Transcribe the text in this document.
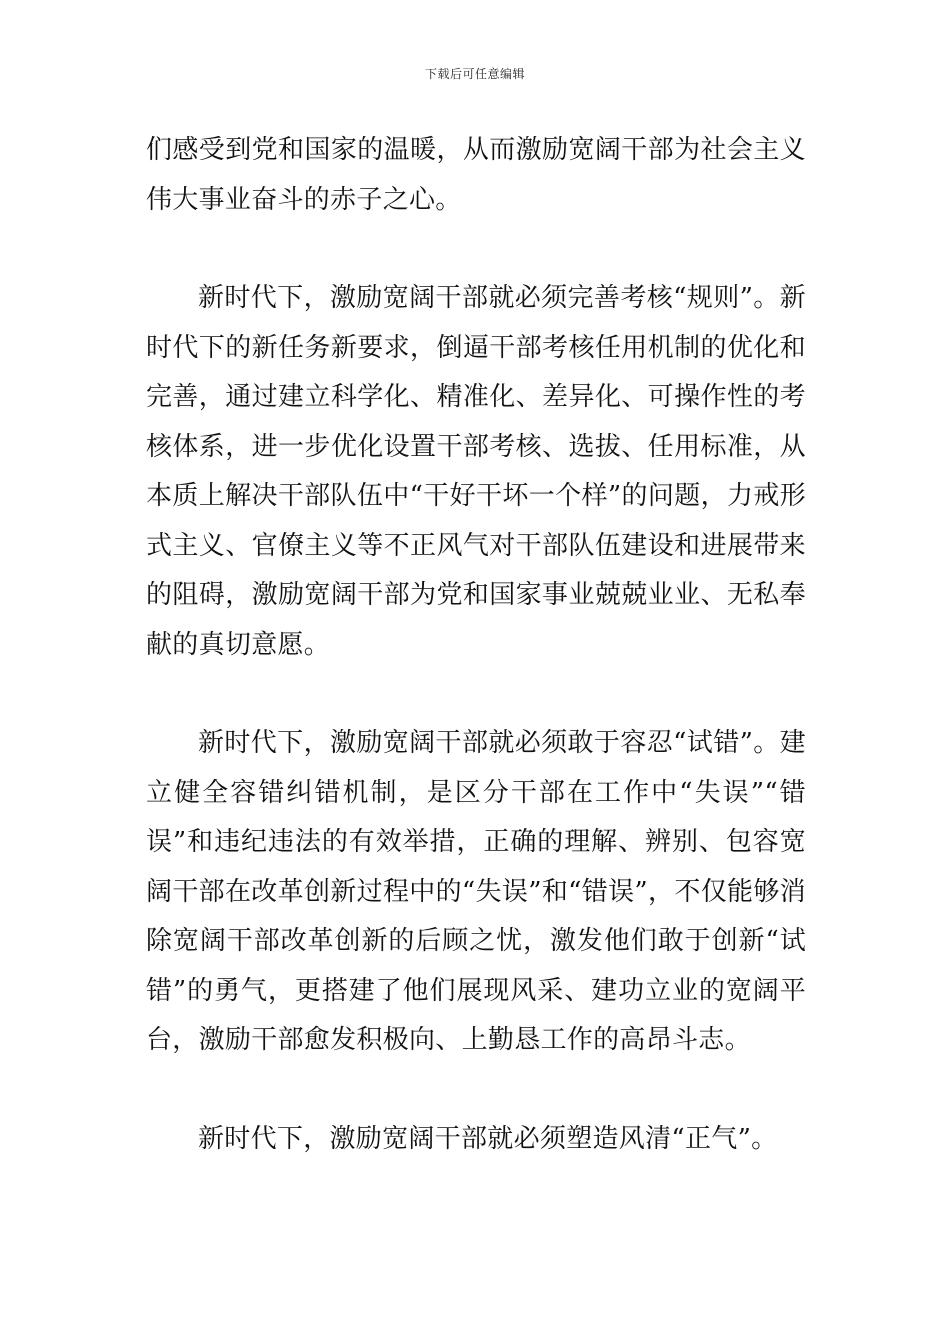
下载后可任意编辑

们感受到党和国家的温暖，从而激励宽阔干部为社会主义伟大事业奋斗的赤子之心。

新时代下，激励宽阔干部就必须完善考核“规则”。新时代下的新任务新要求，倒逼干部考核任用机制的优化和完善，通过建立科学化、精准化、差异化、可操作性的考核体系，进一步优化设置干部考核、选拔、任用标准，从本质上解决干部队伍中“干好干坏一个样”的问题，力戒形式主义、官僚主义等不正风气对干部队伍建设和进展带来的阻碍，激励宽阔干部为党和国家事业兢兢业业、无私奉献的真切意愿。

新时代下，激励宽阔干部就必须敢于容忍“试错”。建立健全容错纠错机制，是区分干部在工作中“失误”“错误”和违纪违法的有效举措，正确的理解、辨别、包容宽阔干部在改革创新过程中的“失误”和“错误”，不仅能够消除宽阔干部改革创新的后顾之忧，激发他们敢于创新“试错”的勇气，更搭建了他们展现风采、建功立业的宽阔平台，激励干部愈发积极向、上勤恳工作的高昂斗志。

新时代下，激励宽阔干部就必须塑造风清“正气”。
